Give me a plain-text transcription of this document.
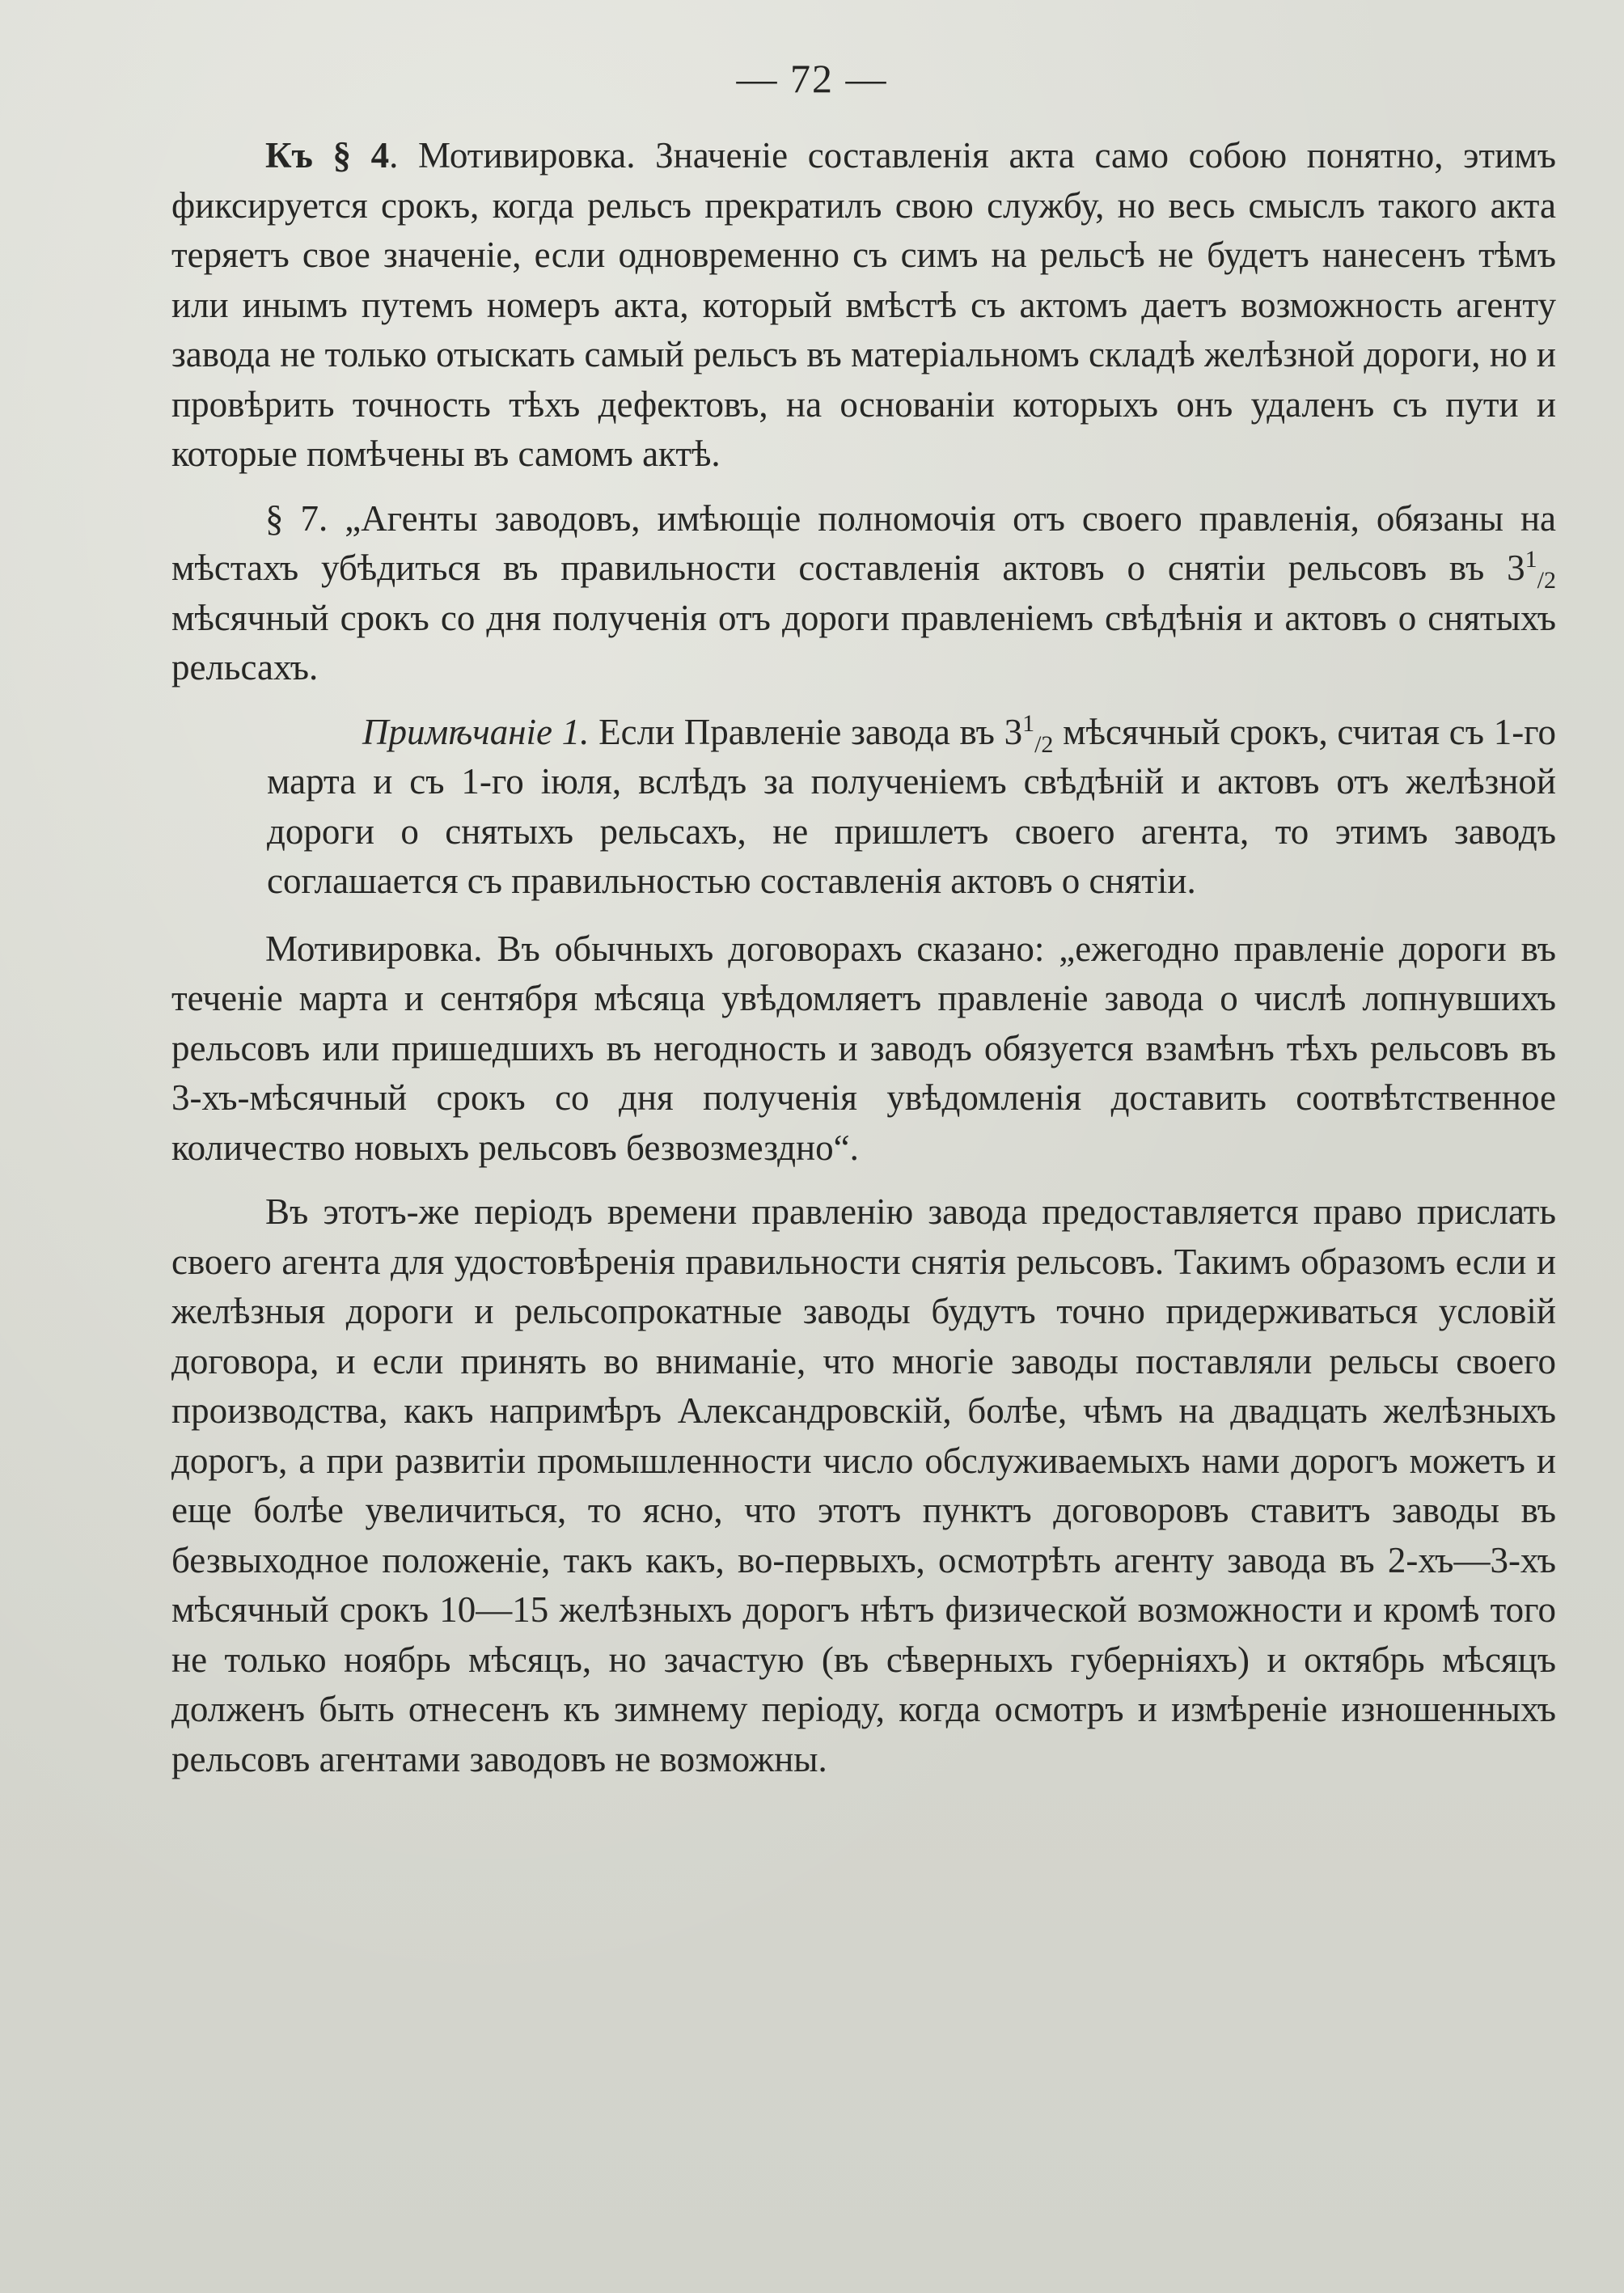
— 72 —

Къ § 4. Мотивировка. Значеніе составленія акта само собою понятно, этимъ фиксируется срокъ, когда рельсъ прекратилъ свою службу, но весь смыслъ такого акта теряетъ свое значеніе, если одновременно съ симъ на рельсѣ не будетъ нанесенъ тѣмъ или инымъ путемъ номеръ акта, который вмѣстѣ съ актомъ даетъ возможность агенту завода не только отыскать самый рельсъ въ матеріальномъ складѣ желѣзной дороги, но и провѣрить точность тѣхъ дефектовъ, на основаніи которыхъ онъ удаленъ съ пути и которые помѣчены въ самомъ актѣ.

§ 7. „Агенты заводовъ, имѣющіе полномочія отъ своего правленія, обязаны на мѣстахъ убѣдиться въ правильности составленія актовъ о снятіи рельсовъ въ $3^1_{/2}$ мѣсячный срокъ со дня полученія отъ дороги правленіемъ свѣдѣнія и актовъ о снятыхъ рельсахъ.

Примѣчаніе 1. Если Правленіе завода въ $3^1_{/2}$ мѣсячный срокъ, считая съ 1-го марта и съ 1-го іюля, вслѣдъ за полученіемъ свѣдѣній и актовъ отъ желѣзной дороги о снятыхъ рельсахъ, не пришлетъ своего агента, то этимъ заводъ соглашается съ правильностью составленія актовъ о снятіи.

Мотивировка. Въ обычныхъ договорахъ сказано: „ежегодно правленіе дороги въ теченіе марта и сентября мѣсяца увѣдомляетъ правленіе завода о числѣ лопнувшихъ рельсовъ или пришедшихъ въ негодность и заводъ обязуется взамѣнъ тѣхъ рельсовъ въ 3-хъ-мѣсячный срокъ со дня полученія увѣдомленія доставить соотвѣтственное количество новыхъ рельсовъ безвозмездно“.

Въ этотъ-же періодъ времени правленію завода предоставляется право прислать своего агента для удостовѣренія правильности снятія рельсовъ. Такимъ образомъ если и желѣзныя дороги и рельсопрокатные заводы будутъ точно придерживаться условій договора, и если принять во вниманіе, что многіе заводы поставляли рельсы своего производства, какъ напримѣръ Александровскій, болѣе, чѣмъ на двадцать желѣзныхъ дорогъ, а при развитіи промышленности число обслуживаемыхъ нами дорогъ можетъ и еще болѣе увеличиться, то ясно, что этотъ пунктъ договоровъ ставитъ заводы въ безвыходное положеніе, такъ какъ, во-первыхъ, осмотрѣть агенту завода въ 2-хъ—3-хъ мѣсячный срокъ 10—15 желѣзныхъ дорогъ нѣтъ физической возможности и кромѣ того не только ноябрь мѣсяцъ, но зачастую (въ сѣверныхъ губерніяхъ) и октябрь мѣсяцъ долженъ быть отнесенъ къ зимнему періоду, когда осмотръ и измѣреніе изношенныхъ рельсовъ агентами заводовъ не возможны.
